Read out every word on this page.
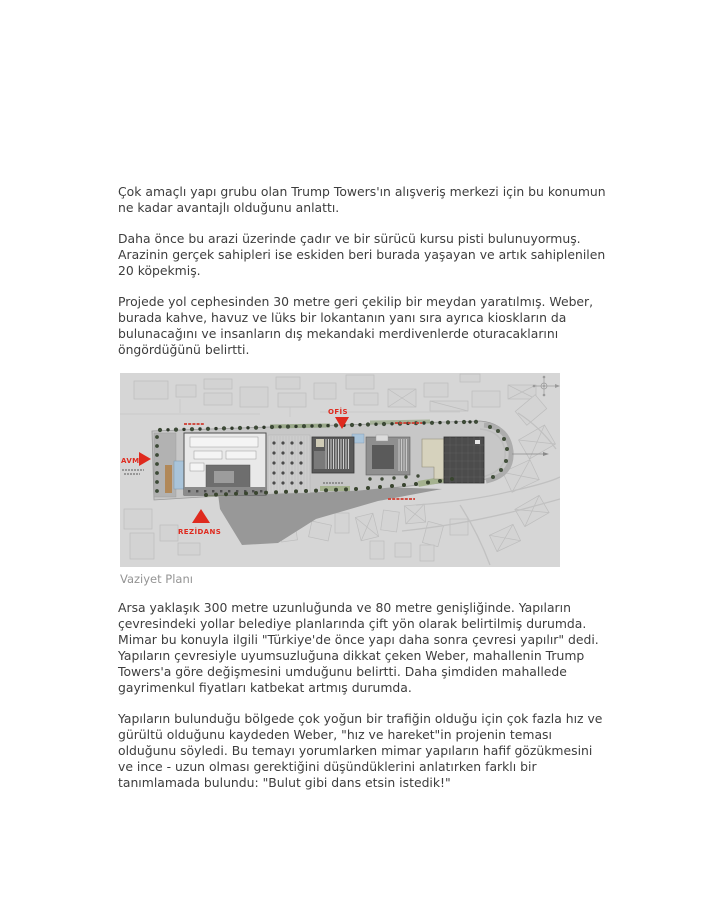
Çok amaçlı yapı grubu olan Trump Towers'ın alışveriş merkezi için bu konumun ne kadar avantajlı olduğunu anlattı.

Daha önce bu arazi üzerinde çadır ve bir sürücü kursu pisti bulunuyormuş. Arazinin gerçek sahipleri ise eskiden beri burada yaşayan ve artık sahiplenilen 20 köpekmiş.

Projede yol cephesinden 30 metre geri çekilip bir meydan yaratılmış. Weber, burada kahve, havuz ve lüks bir lokantanın yanı sıra ayrıca kioskların da bulunacağını ve insanların dış mekandaki merdivenlerde oturacaklarını öngördüğünü belirtti.

AVM
OFİS
REZİDANS
Vaziyet Planı

Arsa yaklaşık 300 metre uzunluğunda ve 80 metre genişliğinde. Yapıların çevresindeki yollar belediye planlarında çift yön olarak belirtilmiş durumda. Mimar bu konuyla ilgili "Türkiye'de önce yapı daha sonra çevresi yapılır" dedi. Yapıların çevresiyle uyumsuzluğuna dikkat çeken Weber, mahallenin Trump Towers'a göre değişmesini umduğunu belirtti. Daha şimdiden mahallede gayrimenkul fiyatları katbekat artmış durumda.

Yapıların bulunduğu bölgede çok yoğun bir trafiğin olduğu için çok fazla hız ve gürültü olduğunu kaydeden Weber, "hız ve hareket"in projenin teması olduğunu söyledi. Bu temayı yorumlarken mimar yapıların hafif gözükmesini ve ince - uzun olması gerektiğini düşündüklerini anlatırken farklı bir tanımlamada bulundu: "Bulut gibi dans etsin istedik!"
